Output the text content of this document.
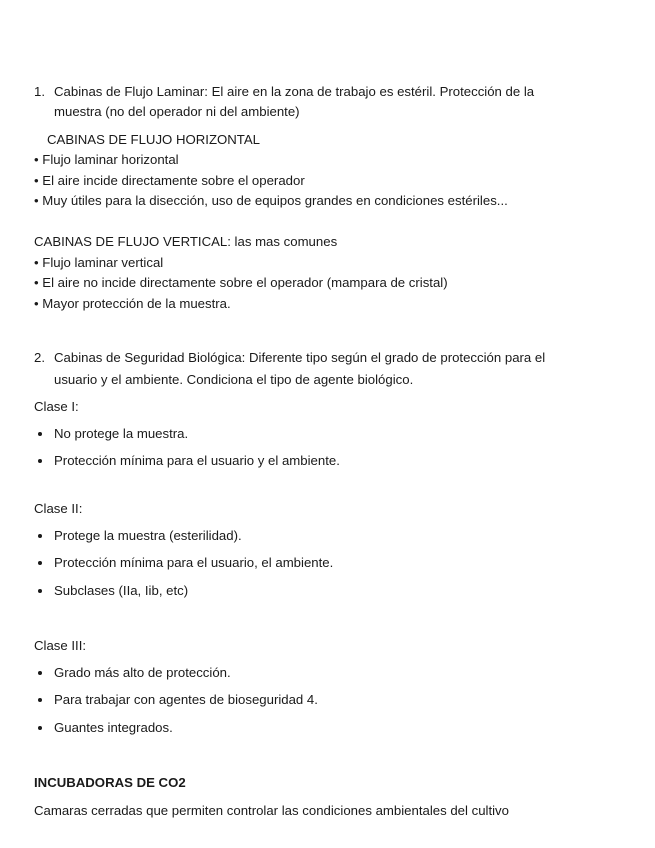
1. Cabinas de Flujo Laminar: El aire en la zona de trabajo es estéril. Protección de la
muestra (no del operador ni del ambiente)
CABINAS DE FLUJO HORIZONTAL
• Flujo laminar horizontal
• El aire incide directamente sobre el operador
• Muy útiles para la disección, uso de equipos grandes en condiciones estériles...
CABINAS DE FLUJO VERTICAL: las mas comunes
• Flujo laminar vertical
• El aire no incide directamente sobre el operador (mampara de cristal)
• Mayor protección de la muestra.
2. Cabinas de Seguridad Biológica: Diferente tipo según el grado de protección para el
usuario y el ambiente. Condiciona el tipo de agente biológico.
Clase I:
No protege la muestra.
Protección mínima para el usuario y el ambiente.
Clase II:
Protege la muestra (esterilidad).
Protección mínima para el usuario, el ambiente.
Subclases (IIa, Iib, etc)
Clase III:
Grado más alto de protección.
Para trabajar con agentes de bioseguridad 4.
Guantes integrados.
INCUBADORAS DE CO2
Camaras cerradas que permiten controlar las condiciones ambientales del cultivo
